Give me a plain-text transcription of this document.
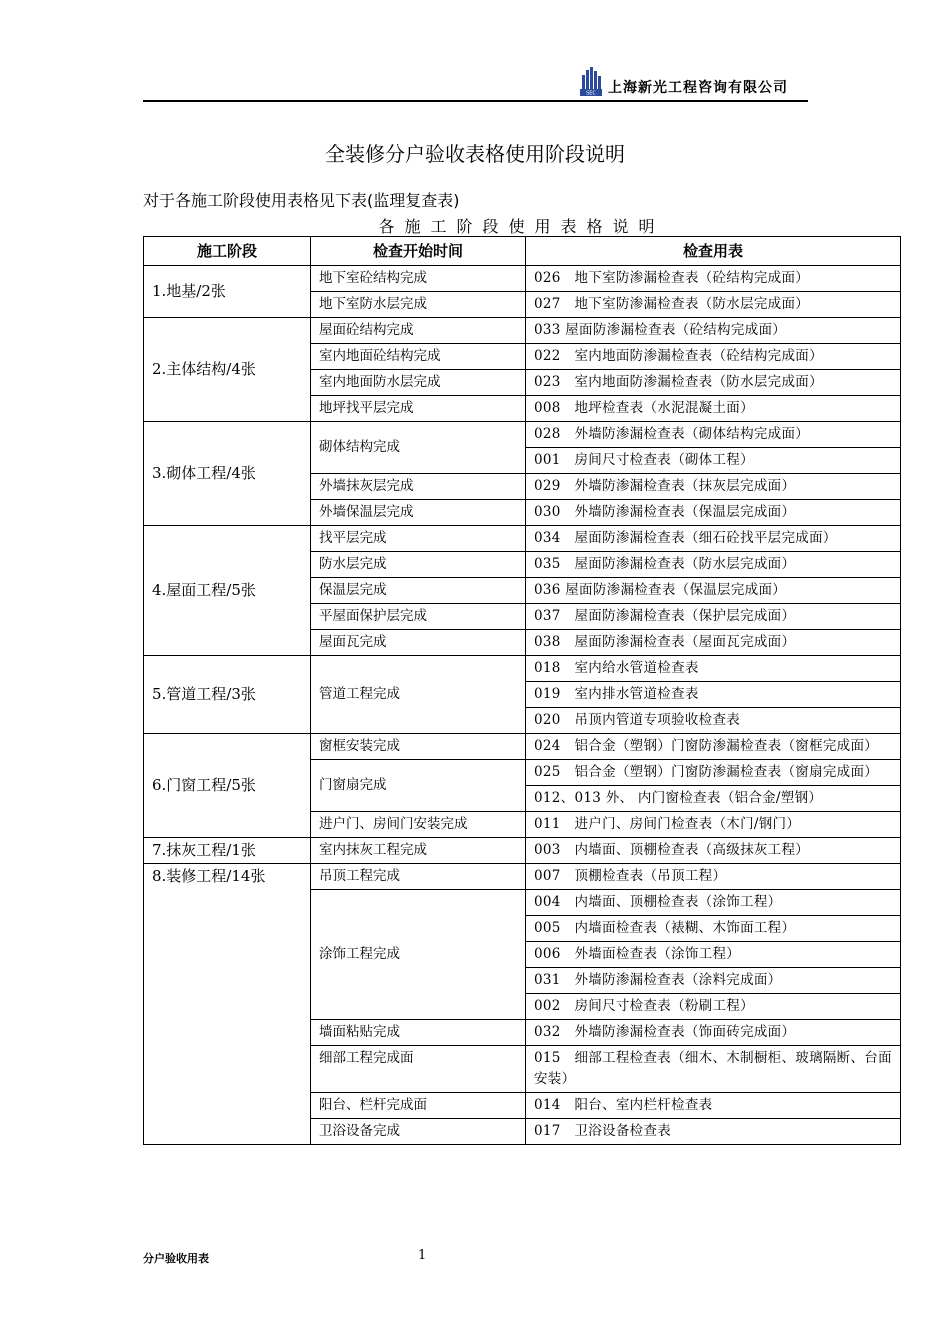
SEC 上海新光工程咨询有限公司
全装修分户验收表格使用阶段说明
对于各施工阶段使用表格见下表(监理复查表)
各施工阶段使用表格说明
施工阶段	检查开始时间	检查用表
1.地基/2张	地下室砼结构完成	026　地下室防渗漏检查表（砼结构完成面）
	地下室防水层完成	027　地下室防渗漏检查表（防水层完成面）
2.主体结构/4张	屋面砼结构完成	033 屋面防渗漏检查表（砼结构完成面）
	室内地面砼结构完成	022　室内地面防渗漏检查表（砼结构完成面）
	室内地面防水层完成	023　室内地面防渗漏检查表（防水层完成面）
	地坪找平层完成	008　地坪检查表（水泥混凝土面）
3.砌体工程/4张	砌体结构完成	028　外墙防渗漏检查表（砌体结构完成面）
		001　房间尺寸检查表（砌体工程）
	外墙抹灰层完成	029　外墙防渗漏检查表（抹灰层完成面）
	外墙保温层完成	030　外墙防渗漏检查表（保温层完成面）
4.屋面工程/5张	找平层完成	034　屋面防渗漏检查表（细石砼找平层完成面）
	防水层完成	035　屋面防渗漏检查表（防水层完成面）
	保温层完成	036 屋面防渗漏检查表（保温层完成面）
	平屋面保护层完成	037　屋面防渗漏检查表（保护层完成面）
	屋面瓦完成	038　屋面防渗漏检查表（屋面瓦完成面）
5.管道工程/3张	管道工程完成	018　室内给水管道检查表
		019　室内排水管道检查表
		020　吊顶内管道专项验收检查表
6.门窗工程/5张	窗框安装完成	024　铝合金（塑钢）门窗防渗漏检查表（窗框完成面）
	门窗扇完成	025　铝合金（塑钢）门窗防渗漏检查表（窗扇完成面）
		012、013 外、 内门窗检查表（铝合金/塑钢）
	进户门、房间门安装完成	011　进户门、房间门检查表（木门/钢门）
7.抹灰工程/1张	室内抹灰工程完成	003　内墙面、顶棚检查表（高级抹灰工程）
8.装修工程/14张	吊顶工程完成	007　顶棚检查表（吊顶工程）
	涂饰工程完成	004　内墙面、顶棚检查表（涂饰工程）
		005　内墙面检查表（裱糊、木饰面工程）
		006　外墙面检查表（涂饰工程）
		031　外墙防渗漏检查表（涂料完成面）
		002　房间尺寸检查表（粉刷工程）
	墙面粘贴完成	032　外墙防渗漏检查表（饰面砖完成面）
	细部工程完成面	015　细部工程检查表（细木、木制橱柜、玻璃隔断、台面安装）
	阳台、栏杆完成面	014　阳台、室内栏杆检查表
	卫浴设备完成	017　卫浴设备检查表
分户验收用表	1
